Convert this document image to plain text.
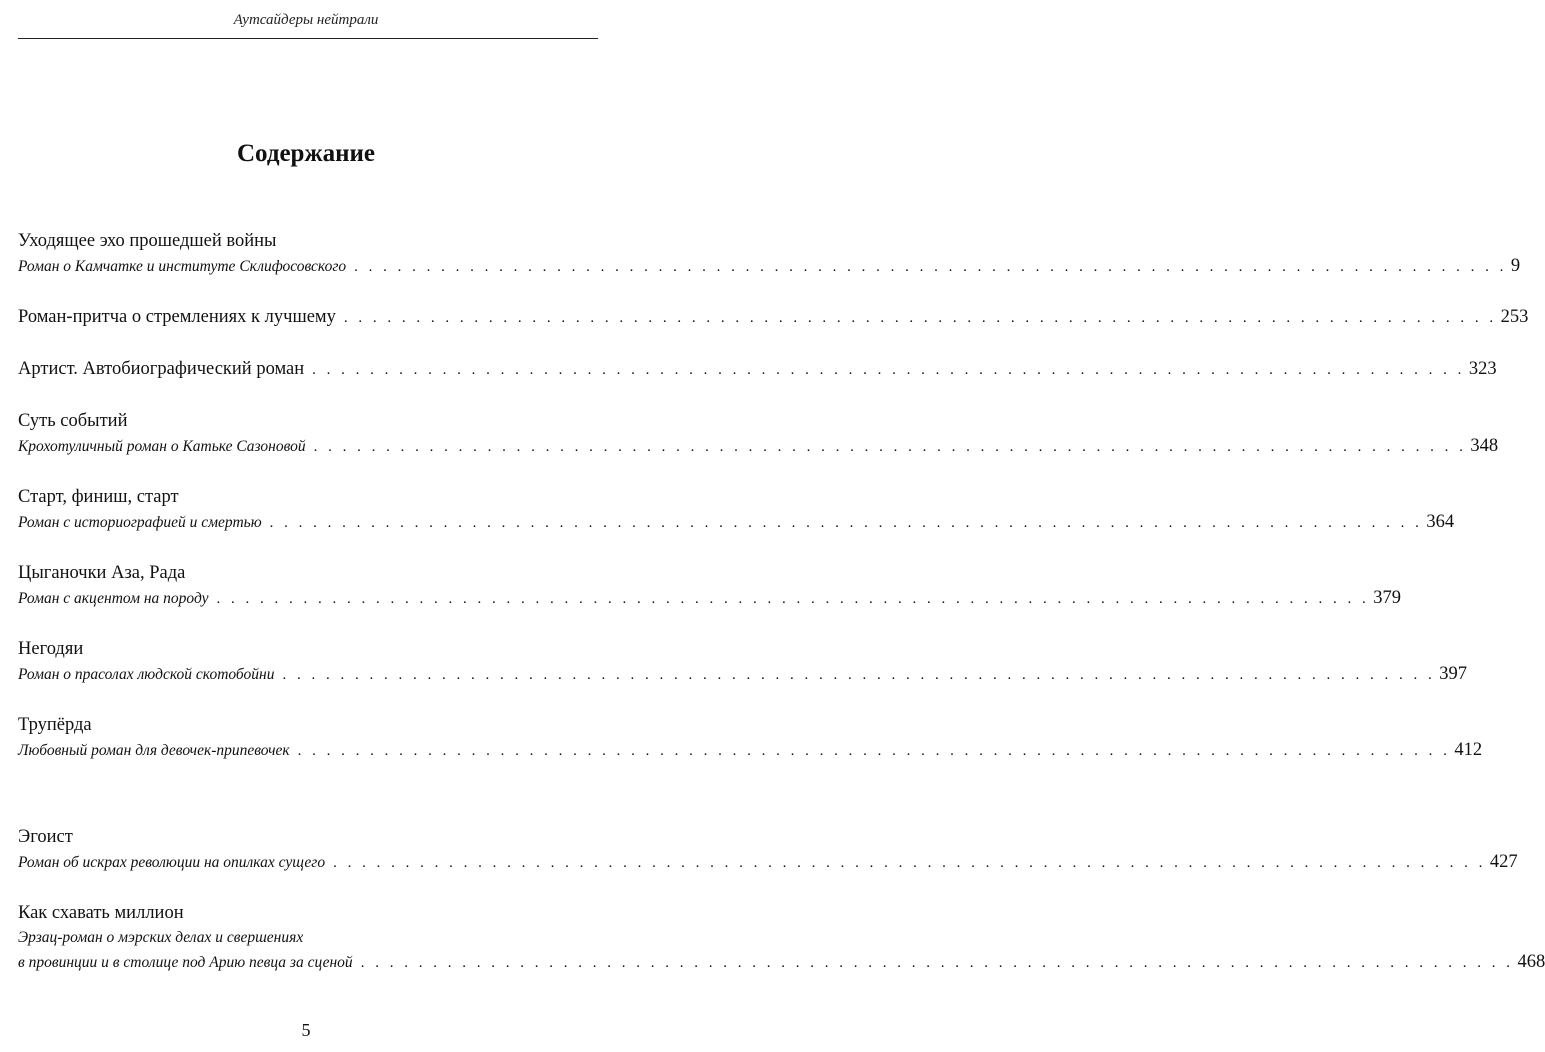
Аутсайдеры нейтрали
Содержание
Уходящее эхо прошедшей войны
Роман о Камчатке и институте Склифосовского . . . . . . . . . . . . . . . . . . . . . . . . . . . . . . . . . . . . . . . . . . . . . . . . . . . . . . . . . . . . . . . . . . . . . . . . . . . . . . . . 9
Роман-притча о стремлениях к лучшему . . . . . . . . . . . . . . . . . . . . . . . . . . . . . . . . . . . . . . . . . . . . . . . . . . . . . . . . . . . . . . . . . . . . . . . . . . . . . . . . 253
Артист. Автобиографический роман . . . . . . . . . . . . . . . . . . . . . . . . . . . . . . . . . . . . . . . . . . . . . . . . . . . . . . . . . . . . . . . . . . . . . . . . . . . . . . . . 323
Суть событий
Крохотуличный роман о Катьке Сазоновой . . . . . . . . . . . . . . . . . . . . . . . . . . . . . . . . . . . . . . . . . . . . . . . . . . . . . . . . . . . . . . . . . . . . . . . . . . . . . . . . 348
Старт, финиш, старт
Роман с историографией и смертью . . . . . . . . . . . . . . . . . . . . . . . . . . . . . . . . . . . . . . . . . . . . . . . . . . . . . . . . . . . . . . . . . . . . . . . . . . . . . . . . 364
Цыганочки Аза, Рада
Роман с акцентом на породу . . . . . . . . . . . . . . . . . . . . . . . . . . . . . . . . . . . . . . . . . . . . . . . . . . . . . . . . . . . . . . . . . . . . . . . . . . . . . . . . 379
Негодяи
Роман о прасолах людской скотобойни . . . . . . . . . . . . . . . . . . . . . . . . . . . . . . . . . . . . . . . . . . . . . . . . . . . . . . . . . . . . . . . . . . . . . . . . . . . . . . . . 397
Трупёрда
Любовный роман для девочек-припевочек . . . . . . . . . . . . . . . . . . . . . . . . . . . . . . . . . . . . . . . . . . . . . . . . . . . . . . . . . . . . . . . . . . . . . . . . . . . . . . . . 412
Эгоист
Роман об искрах революции на опилках сущего . . . . . . . . . . . . . . . . . . . . . . . . . . . . . . . . . . . . . . . . . . . . . . . . . . . . . . . . . . . . . . . . . . . . . . . . . . . . . . . . 427
Как схавать миллион
Эрзац-роман о мэрских делах и свершениях
в провинции и в столице под Арию певца за сценой . . . . . . . . . . . . . . . . . . . . . . . . . . . . . . . . . . . . . . . . . . . . . . . . . . . . . . . . . . . . . . . . . . . . . . . . . . . . . . . . 468
5
